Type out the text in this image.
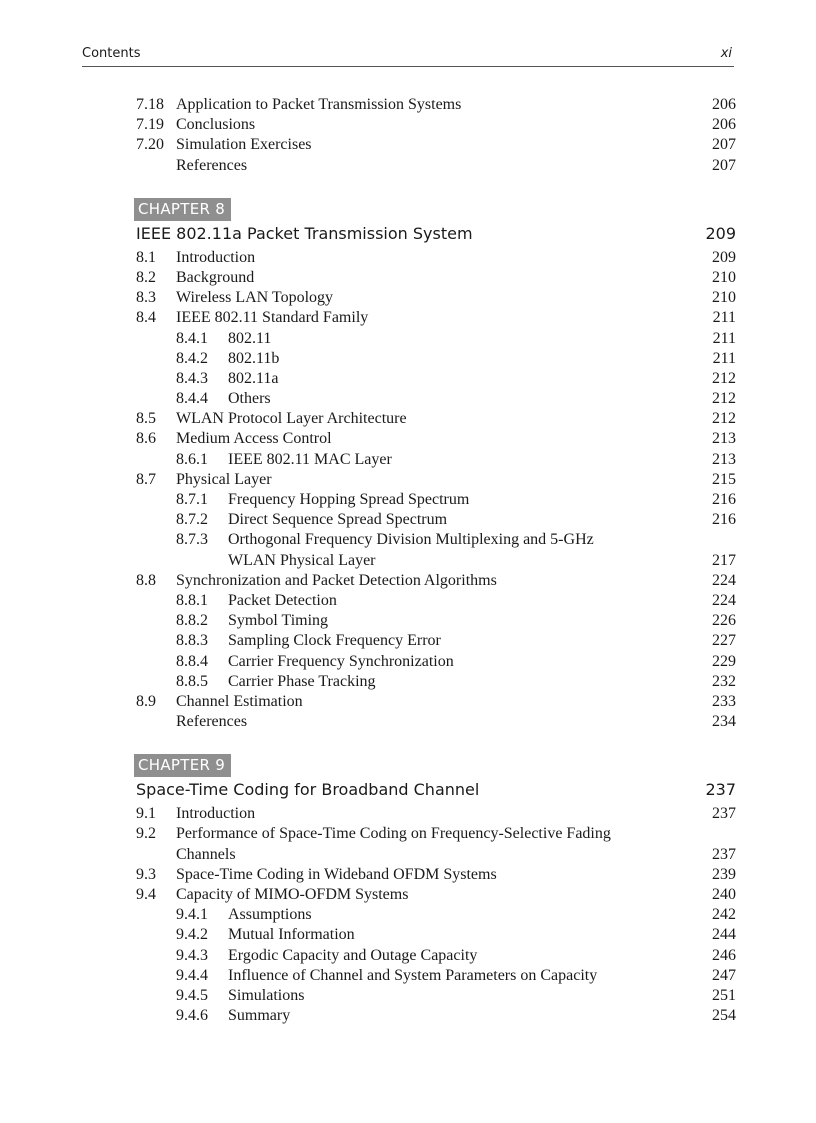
Contents	xi
7.18 Application to Packet Transmission Systems	206
7.19 Conclusions	206
7.20 Simulation Exercises	207
References	207
CHAPTER 8
IEEE 802.11a Packet Transmission System	209
8.1 Introduction	209
8.2 Background	210
8.3 Wireless LAN Topology	210
8.4 IEEE 802.11 Standard Family	211
8.4.1 802.11	211
8.4.2 802.11b	211
8.4.3 802.11a	212
8.4.4 Others	212
8.5 WLAN Protocol Layer Architecture	212
8.6 Medium Access Control	213
8.6.1 IEEE 802.11 MAC Layer	213
8.7 Physical Layer	215
8.7.1 Frequency Hopping Spread Spectrum	216
8.7.2 Direct Sequence Spread Spectrum	216
8.7.3 Orthogonal Frequency Division Multiplexing and 5-GHz
WLAN Physical Layer	217
8.8 Synchronization and Packet Detection Algorithms	224
8.8.1 Packet Detection	224
8.8.2 Symbol Timing	226
8.8.3 Sampling Clock Frequency Error	227
8.8.4 Carrier Frequency Synchronization	229
8.8.5 Carrier Phase Tracking	232
8.9 Channel Estimation	233
References	234
CHAPTER 9
Space-Time Coding for Broadband Channel	237
9.1 Introduction	237
9.2 Performance of Space-Time Coding on Frequency-Selective Fading
Channels	237
9.3 Space-Time Coding in Wideband OFDM Systems	239
9.4 Capacity of MIMO-OFDM Systems	240
9.4.1 Assumptions	242
9.4.2 Mutual Information	244
9.4.3 Ergodic Capacity and Outage Capacity	246
9.4.4 Influence of Channel and System Parameters on Capacity	247
9.4.5 Simulations	251
9.4.6 Summary	254
